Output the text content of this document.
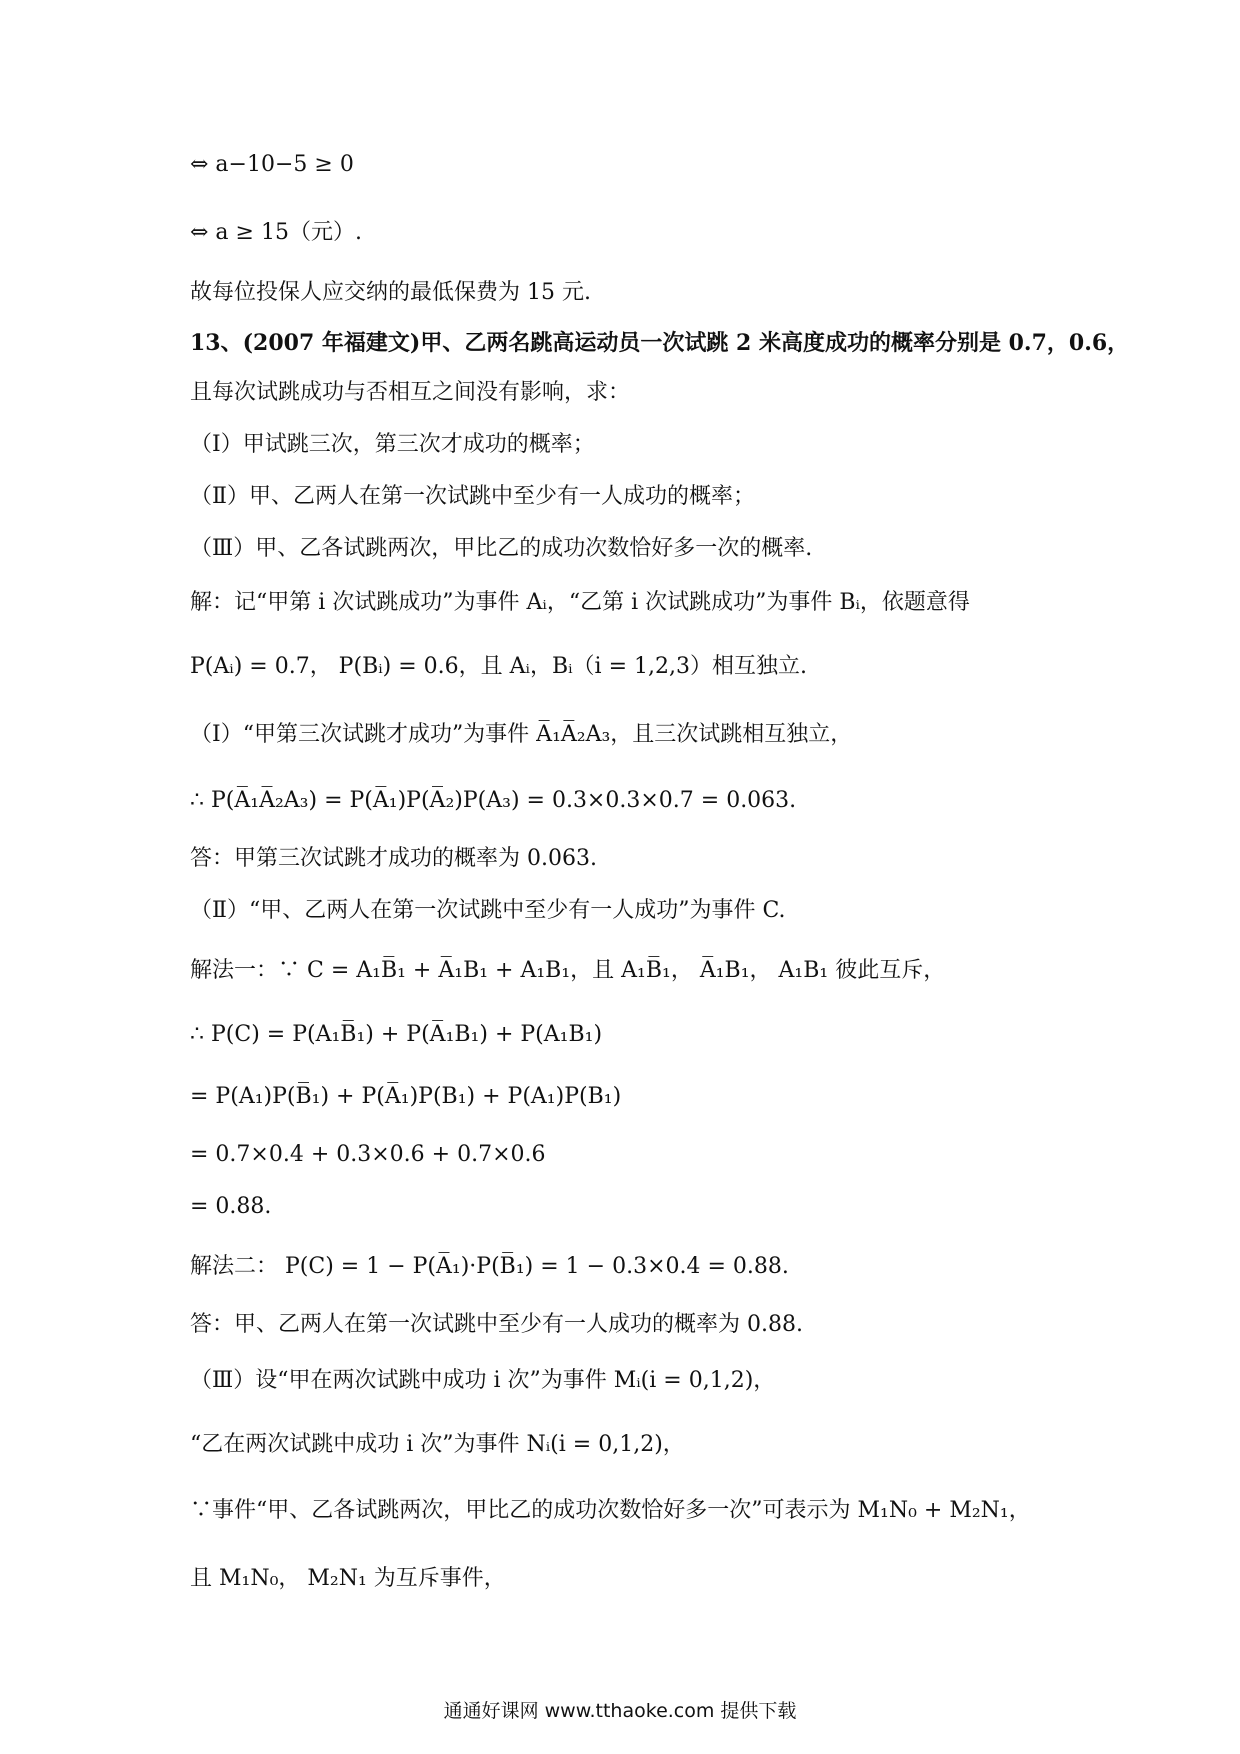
⇔ a−10−5 ≥ 0
⇔ a ≥ 15（元）.
故每位投保人应交纳的最低保费为 15 元.
13、(2007 年福建文)甲、乙两名跳高运动员一次试跳 2 米高度成功的概率分别是 0.7，0.6，
且每次试跳成功与否相互之间没有影响，求：
（Ⅰ）甲试跳三次，第三次才成功的概率；
（Ⅱ）甲、乙两人在第一次试跳中至少有一人成功的概率；
（Ⅲ）甲、乙各试跳两次，甲比乙的成功次数恰好多一次的概率.
解：记“甲第 i 次试跳成功”为事件 Aᵢ，“乙第 i 次试跳成功”为事件 Bᵢ，依题意得
P(Aᵢ) = 0.7， P(Bᵢ) = 0.6，且 Aᵢ，Bᵢ（i = 1,2,3）相互独立.
（Ⅰ）“甲第三次试跳才成功”为事件 A̅₁A̅₂A₃，且三次试跳相互独立，
∴ P(A̅₁A̅₂A₃) = P(A̅₁)P(A̅₂)P(A₃) = 0.3×0.3×0.7 = 0.063.
答：甲第三次试跳才成功的概率为 0.063.
（Ⅱ）“甲、乙两人在第一次试跳中至少有一人成功”为事件 C.
解法一：∵ C = A₁B̅₁ + A̅₁B₁ + A₁B₁，且 A₁B̅₁， A̅₁B₁， A₁B₁ 彼此互斥，
∴ P(C) = P(A₁B̅₁) + P(A̅₁B₁) + P(A₁B₁)
= P(A₁)P(B̅₁) + P(A̅₁)P(B₁) + P(A₁)P(B₁)
= 0.7×0.4 + 0.3×0.6 + 0.7×0.6
= 0.88.
解法二： P(C) = 1 − P(A̅₁)·P(B̅₁) = 1 − 0.3×0.4 = 0.88.
答：甲、乙两人在第一次试跳中至少有一人成功的概率为 0.88.
（Ⅲ）设“甲在两次试跳中成功 i 次”为事件 Mᵢ(i = 0,1,2)，
“乙在两次试跳中成功 i 次”为事件 Nᵢ(i = 0,1,2)，
∵事件“甲、乙各试跳两次，甲比乙的成功次数恰好多一次”可表示为 M₁N₀ + M₂N₁，
且 M₁N₀， M₂N₁ 为互斥事件，
通通好课网 www.tthaoke.com 提供下载
